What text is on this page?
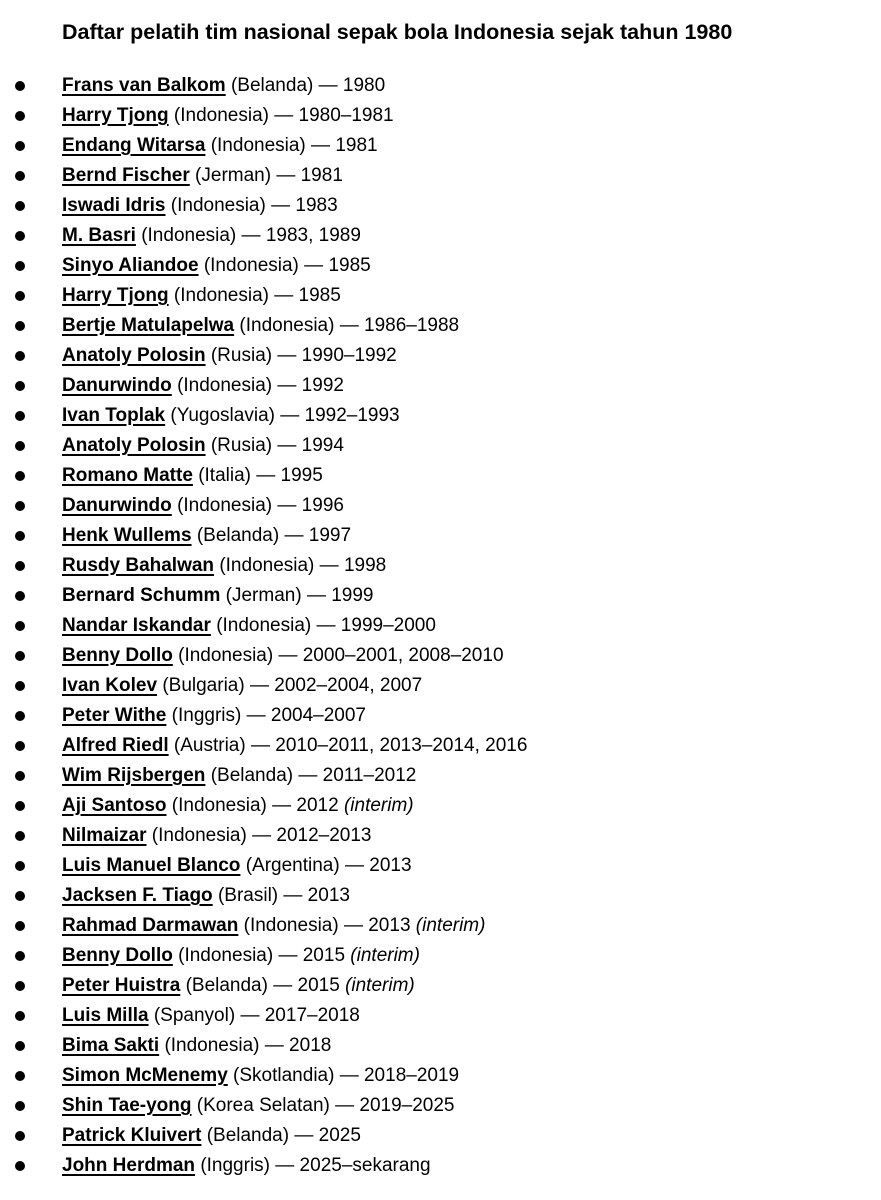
Daftar pelatih tim nasional sepak bola Indonesia sejak tahun 1980
Frans van Balkom (Belanda) — 1980
Harry Tjong (Indonesia) — 1980–1981
Endang Witarsa (Indonesia) — 1981
Bernd Fischer (Jerman) — 1981
Iswadi Idris (Indonesia) — 1983
M. Basri (Indonesia) — 1983, 1989
Sinyo Aliandoe (Indonesia) — 1985
Harry Tjong (Indonesia) — 1985
Bertje Matulapelwa (Indonesia) — 1986–1988
Anatoly Polosin (Rusia) — 1990–1992
Danurwindo (Indonesia) — 1992
Ivan Toplak (Yugoslavia) — 1992–1993
Anatoly Polosin (Rusia) — 1994
Romano Matte (Italia) — 1995
Danurwindo (Indonesia) — 1996
Henk Wullems (Belanda) — 1997
Rusdy Bahalwan (Indonesia) — 1998
Bernard Schumm (Jerman) — 1999
Nandar Iskandar (Indonesia) — 1999–2000
Benny Dollo (Indonesia) — 2000–2001, 2008–2010
Ivan Kolev (Bulgaria) — 2002–2004, 2007
Peter Withe (Inggris) — 2004–2007
Alfred Riedl (Austria) — 2010–2011, 2013–2014, 2016
Wim Rijsbergen (Belanda) — 2011–2012
Aji Santoso (Indonesia) — 2012 (interim)
Nilmaizar (Indonesia) — 2012–2013
Luis Manuel Blanco (Argentina) — 2013
Jacksen F. Tiago (Brasil) — 2013
Rahmad Darmawan (Indonesia) — 2013 (interim)
Benny Dollo (Indonesia) — 2015 (interim)
Peter Huistra (Belanda) — 2015 (interim)
Luis Milla (Spanyol) — 2017–2018
Bima Sakti (Indonesia) — 2018
Simon McMenemy (Skotlandia) — 2018–2019
Shin Tae-yong (Korea Selatan) — 2019–2025
Patrick Kluivert (Belanda) — 2025
John Herdman (Inggris) — 2025–sekarang
